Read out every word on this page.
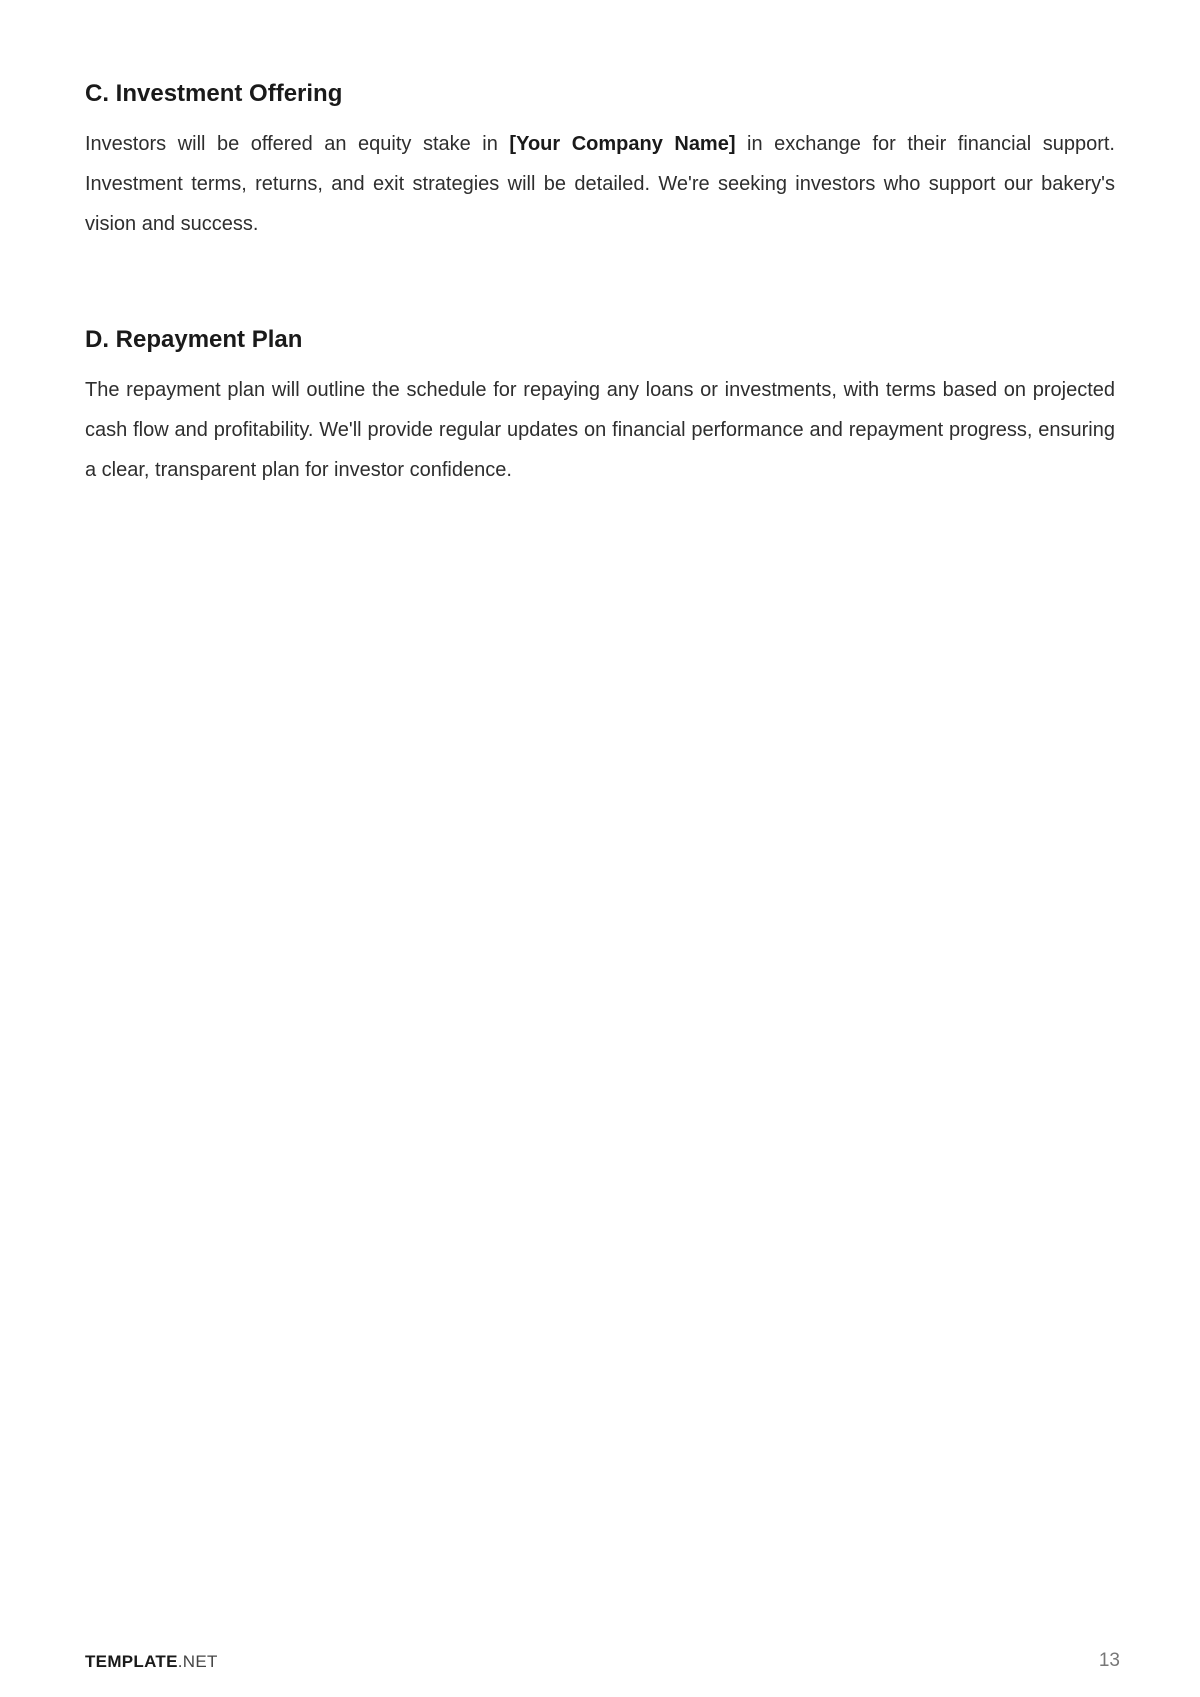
C. Investment Offering

Investors will be offered an equity stake in [Your Company Name] in exchange for their financial support. Investment terms, returns, and exit strategies will be detailed. We're seeking investors who support our bakery's vision and success.

D. Repayment Plan

The repayment plan will outline the schedule for repaying any loans or investments, with terms based on projected cash flow and profitability. We'll provide regular updates on financial performance and repayment progress, ensuring a clear, transparent plan for investor confidence.

TEMPLATE.NET	13
